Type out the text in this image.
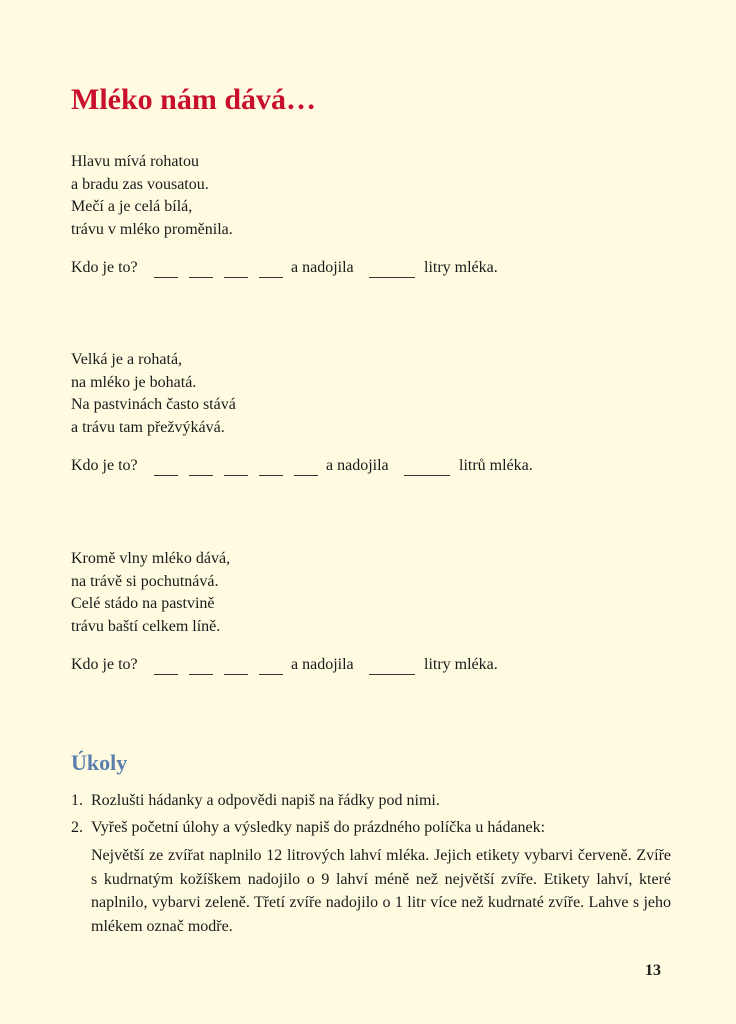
Mléko nám dává…
Hlavu mívá rohatou
a bradu zas vousatou.
Mečí a je celá bílá,
trávu v mléko proměnila.
Kdo je to?	a nadojila	litry mléka.
Velká je a rohatá,
na mléko je bohatá.
Na pastvinách často stává
a trávu tam přežvýkává.
Kdo je to?	a nadojila	litrů mléka.
Kromě vlny mléko dává,
na trávě si pochutnává.
Celé stádo na pastvině
trávu baští celkem líně.
Kdo je to?	a nadojila	litry mléka.
Úkoly
1. Rozlušti hádanky a odpovědi napiš na řádky pod nimi.
2. Vyřeš početní úlohy a výsledky napiš do prázdného políčka u hádanek:
Největší ze zvířat naplnilo 12 litrových lahví mléka. Jejich etikety vybarvi červeně. Zvíře s kudrnatým kožíškem nadojilo o 9 lahví méně než největší zvíře. Etikety lahví, které naplnilo, vybarvi zeleně. Třetí zvíře nadojilo o 1 litr více než kudrnaté zvíře. Lahve s jeho mlékem označ modře.
13
